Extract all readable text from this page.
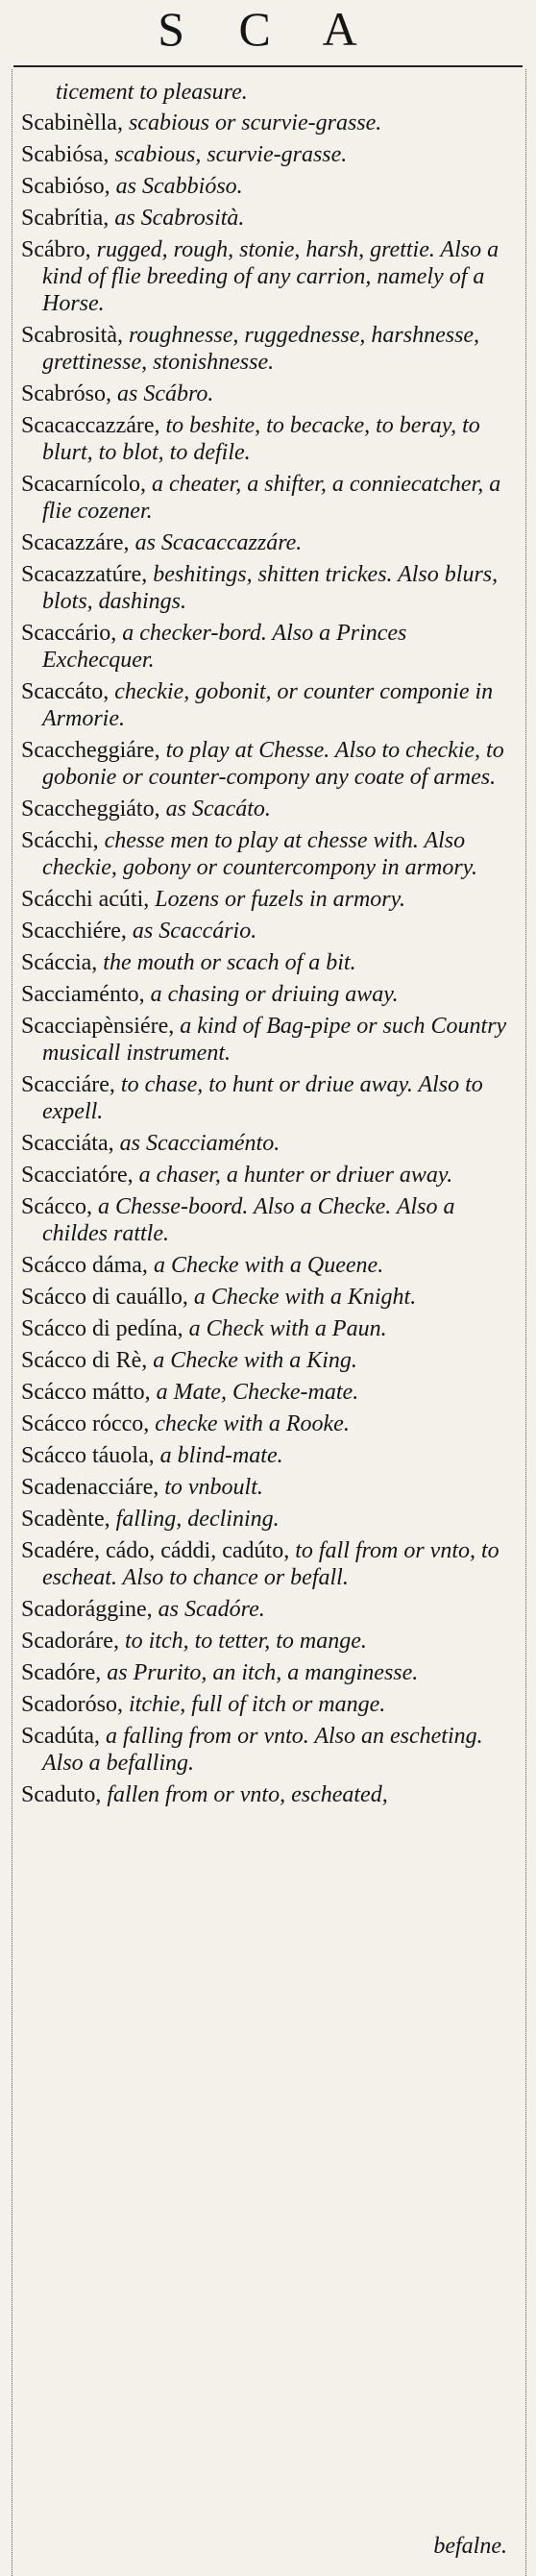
S C A
ticement to pleasure.
Scabinèlla, scabious or scurvie-grasse.
Scabiósa, scabious, scurvie-grasse.
Scabióso, as Scabbióso.
Scabrítia, as Scabrosità.
Scábro, rugged, rough, stonie, harsh, grettie. Also a kind of flie breeding of any carrion, namely of a Horse.
Scabrosità, roughnesse, ruggednesse, harshnesse, grettinesse, stonishnesse.
Scabróso, as Scábro.
Scacaccazzáre, to beshite, to becacke, to beray, to blurt, to blot, to defile.
Scacarnícolo, a cheater, a shifter, a conniecatcher, a flie cozener.
Scacazzáre, as Scacaccazzáre.
Scacazzatúre, beshitings, shitten trickes. Also blurs, blots, dashings.
Scaccário, a checker-bord. Also a Princes Exchecquer.
Scaccáto, checkie, gobonit, or counter componie in Armorie.
Scaccheggiáre, to play at Chesse. Also to checkie, to gobonie or counter-compony any coate of armes.
Scaccheggiáto, as Scacáto.
Scácchi, chesse men to play at chesse with. Also checkie, gobony or countercompony in armory.
Scácchi acúti, Lozens or fuzels in armory.
Scacchiére, as Scaccário.
Scáccia, the mouth or scach of a bit.
Sacciaménto, a chasing or driuing away.
Scacciapènsiére, a kind of Bag-pipe or such Country musicall instrument.
Scacciáre, to chase, to hunt or driue away. Also to expell.
Scacciáta, as Scacciaménto.
Scacciatóre, a chaser, a hunter or driuer away.
Scácco, a Chesse-boord. Also a Checke. Also a childes rattle.
Scácco dáma, a Checke with a Queene.
Scácco di cauállo, a Checke with a Knight.
Scácco di pedína, a Check with a Paun.
Scácco di Rè, a Checke with a King.
Scácco mátto, a Mate, Checke-mate.
Scácco rócco, checke with a Rooke.
Scácco táuola, a blind-mate.
Scadenacciáre, to vnboult.
Scadènte, falling, declining.
Scadére, cádo, cáddi, cadúto, to fall from or vnto, to escheat. Also to chance or befall.
Scadorággine, as Scadóre.
Scadoráre, to itch, to tetter, to mange.
Scadóre, as Prurito, an itch, a manginesse.
Scadoróso, itchie, full of itch or mange.
Scadúta, a falling from or vnto. Also an escheting. Also a befalling.
Scaduto, fallen from or vnto, escheated,
befalne.
